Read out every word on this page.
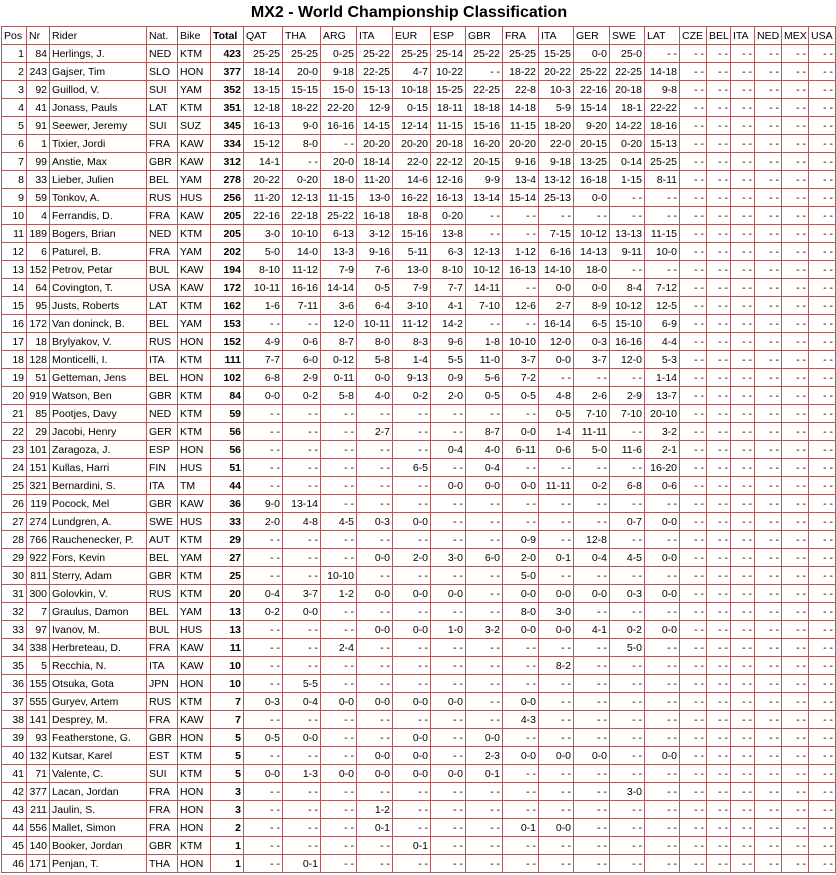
MX2 - World Championship Classification
Pos	Nr	Rider	Nat.	Bike	Total	QAT	THA	ARG	ITA	EUR	ESP	GBR	FRA	ITA	GER	SWE	LAT	CZE	BEL	ITA	NED	MEX	USA
1	84	Herlings, J.	NED	KTM	423	25-25	25-25	0-25	25-22	25-25	25-14	25-22	25-25	15-25	0-0	25-0	- -	- -	- -	- -	- -	- -	- -
2	243	Gajser, Tim	SLO	HON	377	18-14	20-0	9-18	22-25	4-7	10-22	- -	18-22	20-22	25-22	22-25	14-18	- -	- -	- -	- -	- -	- -
3	92	Guillod, V.	SUI	YAM	352	13-15	15-15	15-0	15-13	10-18	15-25	22-25	22-8	10-3	22-16	20-18	9-8	- -	- -	- -	- -	- -	- -
4	41	Jonass, Pauls	LAT	KTM	351	12-18	18-22	22-20	12-9	0-15	18-11	18-18	14-18	5-9	15-14	18-1	22-22	- -	- -	- -	- -	- -	- -
5	91	Seewer, Jeremy	SUI	SUZ	345	16-13	9-0	16-16	14-15	12-14	11-15	15-16	11-15	18-20	9-20	14-22	18-16	- -	- -	- -	- -	- -	- -
6	1	Tixier, Jordi	FRA	KAW	334	15-12	8-0	- -	20-20	20-20	20-18	16-20	20-20	22-0	20-15	0-20	15-13	- -	- -	- -	- -	- -	- -
7	99	Anstie, Max	GBR	KAW	312	14-1	- -	20-0	18-14	22-0	22-12	20-15	9-16	9-18	13-25	0-14	25-25	- -	- -	- -	- -	- -	- -
8	33	Lieber, Julien	BEL	YAM	278	20-22	0-20	18-0	11-20	14-6	12-16	9-9	13-4	13-12	16-18	1-15	8-11	- -	- -	- -	- -	- -	- -
9	59	Tonkov, A.	RUS	HUS	256	11-20	12-13	11-15	13-0	16-22	16-13	13-14	15-14	25-13	0-0	- -	- -	- -	- -	- -	- -	- -	- -
10	4	Ferrandis, D.	FRA	KAW	205	22-16	22-18	25-22	16-18	18-8	0-20	- -	- -	- -	- -	- -	- -	- -	- -	- -	- -	- -	- -
11	189	Bogers, Brian	NED	KTM	205	3-0	10-10	6-13	3-12	15-16	13-8	- -	- -	7-15	10-12	13-13	11-15	- -	- -	- -	- -	- -	- -
12	6	Paturel, B.	FRA	YAM	202	5-0	14-0	13-3	9-16	5-11	6-3	12-13	1-12	6-16	14-13	9-11	10-0	- -	- -	- -	- -	- -	- -
13	152	Petrov, Petar	BUL	KAW	194	8-10	11-12	7-9	7-6	13-0	8-10	10-12	16-13	14-10	18-0	- -	- -	- -	- -	- -	- -	- -	- -
14	64	Covington, T.	USA	KAW	172	10-11	16-16	14-14	0-5	7-9	7-7	14-11	- -	0-0	0-0	8-4	7-12	- -	- -	- -	- -	- -	- -
15	95	Justs, Roberts	LAT	KTM	162	1-6	7-11	3-6	6-4	3-10	4-1	7-10	12-6	2-7	8-9	10-12	12-5	- -	- -	- -	- -	- -	- -
16	172	Van doninck, B.	BEL	YAM	153	- -	- -	12-0	10-11	11-12	14-2	- -	- -	16-14	6-5	15-10	6-9	- -	- -	- -	- -	- -	- -
17	18	Brylyakov, V.	RUS	HON	152	4-9	0-6	8-7	8-0	8-3	9-6	1-8	10-10	12-0	0-3	16-16	4-4	- -	- -	- -	- -	- -	- -
18	128	Monticelli, I.	ITA	KTM	111	7-7	6-0	0-12	5-8	1-4	5-5	11-0	3-7	0-0	3-7	12-0	5-3	- -	- -	- -	- -	- -	- -
19	51	Getteman, Jens	BEL	HON	102	6-8	2-9	0-11	0-0	9-13	0-9	5-6	7-2	- -	- -	- -	1-14	- -	- -	- -	- -	- -	- -
20	919	Watson, Ben	GBR	KTM	84	0-0	0-2	5-8	4-0	0-2	2-0	0-5	0-5	4-8	2-6	2-9	13-7	- -	- -	- -	- -	- -	- -
21	85	Pootjes, Davy	NED	KTM	59	- -	- -	- -	- -	- -	- -	- -	- -	0-5	7-10	7-10	20-10	- -	- -	- -	- -	- -	- -
22	29	Jacobi, Henry	GER	KTM	56	- -	- -	- -	2-7	- -	- -	8-7	0-0	1-4	11-11	- -	3-2	- -	- -	- -	- -	- -	- -
23	101	Zaragoza, J.	ESP	HON	56	- -	- -	- -	- -	- -	0-4	4-0	6-11	0-6	5-0	11-6	2-1	- -	- -	- -	- -	- -	- -
24	151	Kullas, Harri	FIN	HUS	51	- -	- -	- -	- -	6-5	- -	0-4	- -	- -	- -	- -	16-20	- -	- -	- -	- -	- -	- -
25	321	Bernardini, S.	ITA	TM	44	- -	- -	- -	- -	- -	0-0	0-0	0-0	11-11	0-2	6-8	0-6	- -	- -	- -	- -	- -	- -
26	119	Pocock, Mel	GBR	KAW	36	9-0	13-14	- -	- -	- -	- -	- -	- -	- -	- -	- -	- -	- -	- -	- -	- -	- -	- -
27	274	Lundgren, A.	SWE	HUS	33	2-0	4-8	4-5	0-3	0-0	- -	- -	- -	- -	- -	0-7	0-0	- -	- -	- -	- -	- -	- -
28	766	Rauchenecker, P.	AUT	KTM	29	- -	- -	- -	- -	- -	- -	- -	0-9	- -	12-8	- -	- -	- -	- -	- -	- -	- -	- -
29	922	Fors, Kevin	BEL	YAM	27	- -	- -	- -	0-0	2-0	3-0	6-0	2-0	0-1	0-4	4-5	0-0	- -	- -	- -	- -	- -	- -
30	811	Sterry, Adam	GBR	KTM	25	- -	- -	10-10	- -	- -	- -	- -	5-0	- -	- -	- -	- -	- -	- -	- -	- -	- -	- -
31	300	Golovkin, V.	RUS	KTM	20	0-4	3-7	1-2	0-0	0-0	0-0	- -	0-0	0-0	0-0	0-3	0-0	- -	- -	- -	- -	- -	- -
32	7	Graulus, Damon	BEL	YAM	13	0-2	0-0	- -	- -	- -	- -	- -	8-0	3-0	- -	- -	- -	- -	- -	- -	- -	- -	- -
33	97	Ivanov, M.	BUL	HUS	13	- -	- -	- -	0-0	0-0	1-0	3-2	0-0	0-0	4-1	0-2	0-0	- -	- -	- -	- -	- -	- -
34	338	Herbreteau, D.	FRA	KAW	11	- -	- -	2-4	- -	- -	- -	- -	- -	- -	- -	5-0	- -	- -	- -	- -	- -	- -	- -
35	5	Recchia, N.	ITA	KAW	10	- -	- -	- -	- -	- -	- -	- -	- -	8-2	- -	- -	- -	- -	- -	- -	- -	- -	- -
36	155	Otsuka, Gota	JPN	HON	10	- -	5-5	- -	- -	- -	- -	- -	- -	- -	- -	- -	- -	- -	- -	- -	- -	- -	- -
37	555	Guryev, Artem	RUS	KTM	7	0-3	0-4	0-0	0-0	0-0	0-0	- -	0-0	- -	- -	- -	- -	- -	- -	- -	- -	- -	- -
38	141	Desprey, M.	FRA	KAW	7	- -	- -	- -	- -	- -	- -	- -	4-3	- -	- -	- -	- -	- -	- -	- -	- -	- -	- -
39	93	Featherstone, G.	GBR	HON	5	0-5	0-0	- -	- -	0-0	- -	0-0	- -	- -	- -	- -	- -	- -	- -	- -	- -	- -	- -
40	132	Kutsar, Karel	EST	KTM	5	- -	- -	- -	0-0	0-0	- -	2-3	0-0	0-0	0-0	- -	0-0	- -	- -	- -	- -	- -	- -
41	71	Valente, C.	SUI	KTM	5	0-0	1-3	0-0	0-0	0-0	0-0	0-1	- -	- -	- -	- -	- -	- -	- -	- -	- -	- -	- -
42	377	Lacan, Jordan	FRA	HON	3	- -	- -	- -	- -	- -	- -	- -	- -	- -	- -	3-0	- -	- -	- -	- -	- -	- -	- -
43	211	Jaulin, S.	FRA	HON	3	- -	- -	- -	1-2	- -	- -	- -	- -	- -	- -	- -	- -	- -	- -	- -	- -	- -	- -
44	556	Mallet, Simon	FRA	HON	2	- -	- -	- -	0-1	- -	- -	- -	0-1	0-0	- -	- -	- -	- -	- -	- -	- -	- -	- -
45	140	Booker, Jordan	GBR	KTM	1	- -	- -	- -	- -	0-1	- -	- -	- -	- -	- -	- -	- -	- -	- -	- -	- -	- -	- -
46	171	Penjan, T.	THA	HON	1	- -	0-1	- -	- -	- -	- -	- -	- -	- -	- -	- -	- -	- -	- -	- -	- -	- -	- -
